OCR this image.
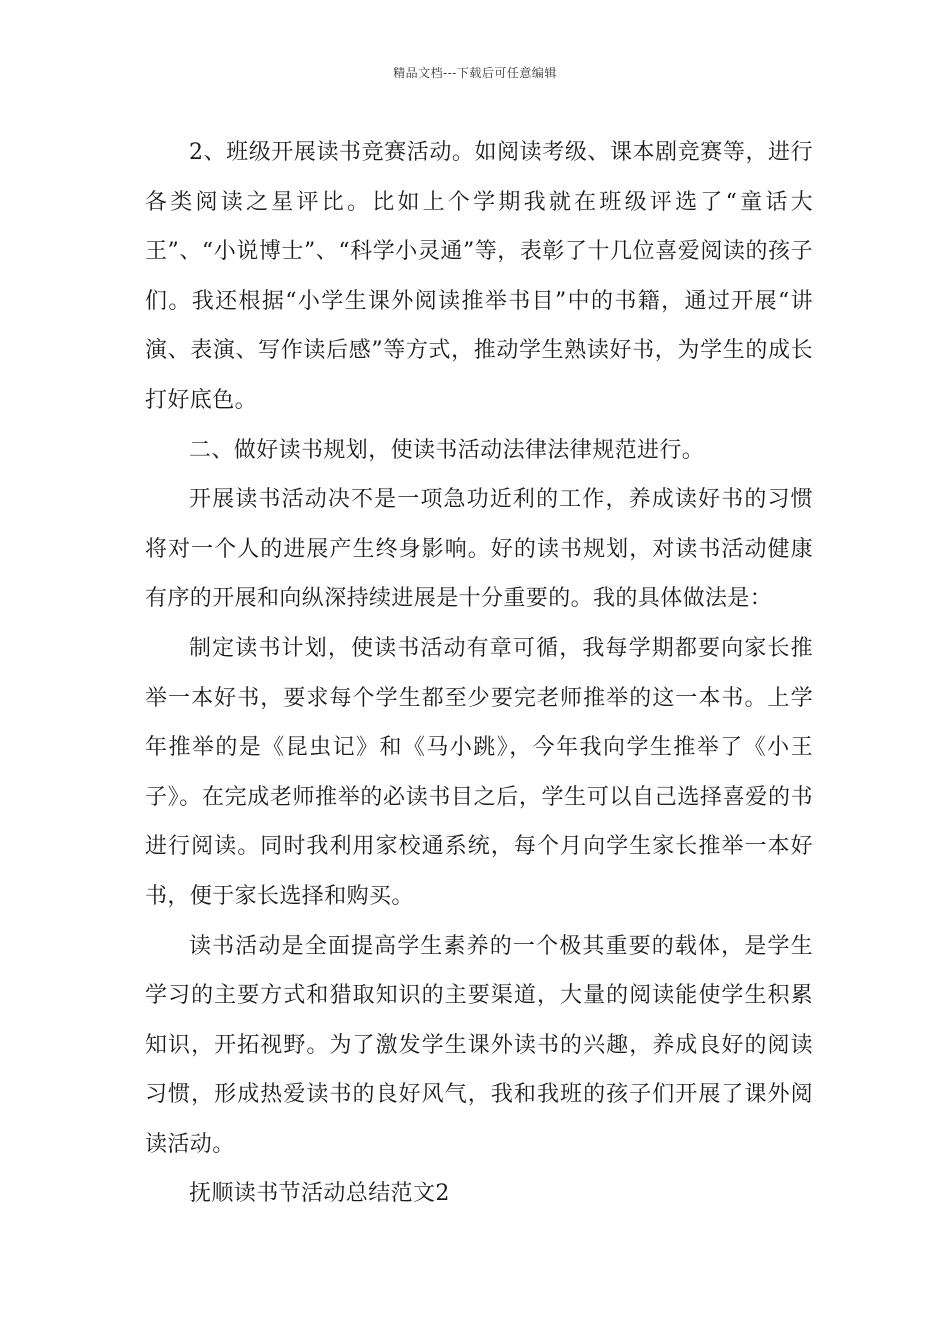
精品文档---下载后可任意编辑

2、班级开展读书竞赛活动。如阅读考级、课本剧竞赛等，进行各类阅读之星评比。比如上个学期我就在班级评选了“童话大王”、“小说博士”、“科学小灵通”等，表彰了十几位喜爱阅读的孩子们。我还根据“小学生课外阅读推举书目”中的书籍，通过开展“讲演、表演、写作读后感”等方式，推动学生熟读好书，为学生的成长打好底色。

二、做好读书规划，使读书活动法律法律规范进行。

开展读书活动决不是一项急功近利的工作，养成读好书的习惯将对一个人的进展产生终身影响。好的读书规划，对读书活动健康有序的开展和向纵深持续进展是十分重要的。我的具体做法是：

制定读书计划，使读书活动有章可循，我每学期都要向家长推举一本好书，要求每个学生都至少要完老师推举的这一本书。上学年推举的是《昆虫记》和《马小跳》，今年我向学生推举了《小王子》。在完成老师推举的必读书目之后，学生可以自己选择喜爱的书进行阅读。同时我利用家校通系统，每个月向学生家长推举一本好书，便于家长选择和购买。

读书活动是全面提高学生素养的一个极其重要的载体，是学生学习的主要方式和猎取知识的主要渠道，大量的阅读能使学生积累知识，开拓视野。为了激发学生课外读书的兴趣，养成良好的阅读习惯，形成热爱读书的良好风气，我和我班的孩子们开展了课外阅读活动。

抚顺读书节活动总结范文2
